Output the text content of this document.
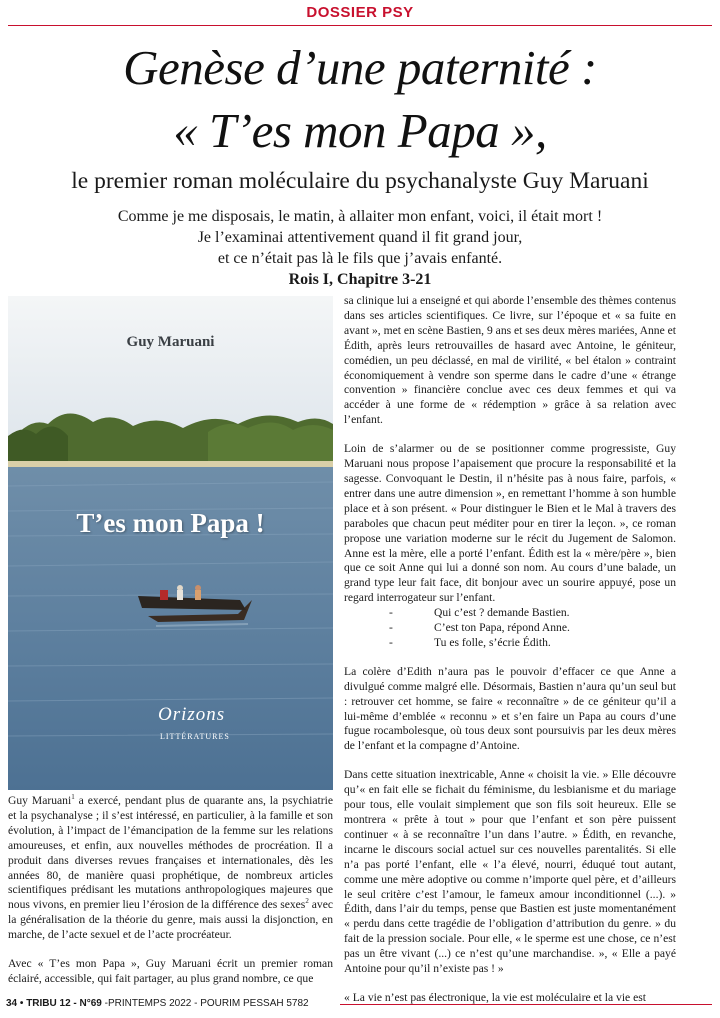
DOSSIER PSY
Genèse d’une paternité :
« T’es mon Papa »,
le premier roman moléculaire du psychanalyste Guy Maruani
Comme je me disposais, le matin, à allaiter mon enfant, voici, il était mort !
Je l’examinai attentivement quand il fit grand jour,
et ce n’était pas là le fils que j’avais enfanté.
Rois I, Chapitre 3-21
Guy Maruani
T’es mon Papa !
Orizons
LITTÉRATURES

Guy Maruani$^1$ a exercé, pendant plus de quarante ans, la psychiatrie et la psychanalyse ; il s’est intéressé, en particulier, à la famille et son évolution, à l’impact de l’émancipation de la femme sur les relations amoureuses, et enfin, aux nouvelles méthodes de procréation. Il a produit dans diverses revues françaises et internationales, dès les années 80, de manière quasi prophétique, de nombreux articles scientifiques prédisant les mutations anthropologiques majeures que nous vivons, en premier lieu l’érosion de la différence des sexes$^2$ avec la généralisation de la théorie du genre, mais aussi la disjonction, en marche, de l’acte sexuel et de l’acte procréateur.

Avec « T’es mon Papa », Guy Maruani écrit un premier roman éclairé, accessible, qui fait partager, au plus grand nombre, ce que

sa clinique lui a enseigné et qui aborde l’ensemble des thèmes contenus dans ses articles scientifiques. Ce livre, sur l’époque et « sa fuite en avant », met en scène Bastien, 9 ans et ses deux mères mariées, Anne et Édith, après leurs retrouvailles de hasard avec Antoine, le géniteur, comédien, un peu déclassé, en mal de virilité, « bel étalon » contraint économiquement à vendre son sperme dans le cadre d’une « étrange convention » financière conclue avec ces deux femmes et qui va accéder à une forme de « rédemption » grâce à sa relation avec l’enfant.

Loin de s’alarmer ou de se positionner comme progressiste, Guy Maruani nous propose l’apaisement que procure la responsabilité et la sagesse. Convoquant le Destin, il n’hésite pas à nous faire, parfois, « entrer dans une autre dimension », en remettant l’homme à son humble place et à son présent. « Pour distinguer le Bien et le Mal à travers des paraboles que chacun peut méditer pour en tirer la leçon. », ce roman propose une variation moderne sur le récit du Jugement de Salomon. Anne est la mère, elle a porté l’enfant. Édith est la « mère/père », bien que ce soit Anne qui lui a donné son nom. Au cours d’une balade, un grand type leur fait face, dit bonjour avec un sourire appuyé, pose un regard interrogateur sur l’enfant.

-	Qui c’est ? demande Bastien.
-	C’est ton Papa, répond Anne.
-	Tu es folle, s’écrie Édith.

La colère d’Edith n’aura pas le pouvoir d’effacer ce que Anne a divulgué comme malgré elle. Désormais, Bastien n’aura qu’un seul but : retrouver cet homme, se faire « reconnaître » de ce géniteur qu’il a lui-même d’emblée « reconnu » et s’en faire un Papa au cours d’une fugue rocambolesque, où tous deux sont poursuivis par les deux mères de l’enfant et la compagne d’Antoine.

Dans cette situation inextricable, Anne « choisit la vie. » Elle découvre qu’« en fait elle se fichait du féminisme, du lesbianisme et du mariage pour tous, elle voulait simplement que son fils soit heureux. Elle se montrera « prête à tout » pour que l’enfant et son père puissent continuer « à se reconnaître l’un dans l’autre. » Édith, en revanche, incarne le discours social actuel sur ces nouvelles parentalités. Si elle n’a pas porté l’enfant, elle « l’a élevé, nourri, éduqué tout autant, comme une mère adoptive ou comme n’importe quel père, et d’ailleurs le seul critère c’est l’amour, le fameux amour inconditionnel (...). » Édith, dans l’air du temps, pense que Bastien est juste momentanément « perdu dans cette tragédie de l’obligation d’attribution du genre. » du fait de la pression sociale. Pour elle, « le sperme est une chose, ce n’est pas un être vivant (...) ce n’est qu’une marchandise. », « Elle a payé Antoine pour qu’il n’existe pas ! »

« La vie n’est pas électronique, la vie est moléculaire et la vie est

34 • TRIBU 12 - N°69 -PRINTEMPS 2022 - POURIM PESSAH 5782
